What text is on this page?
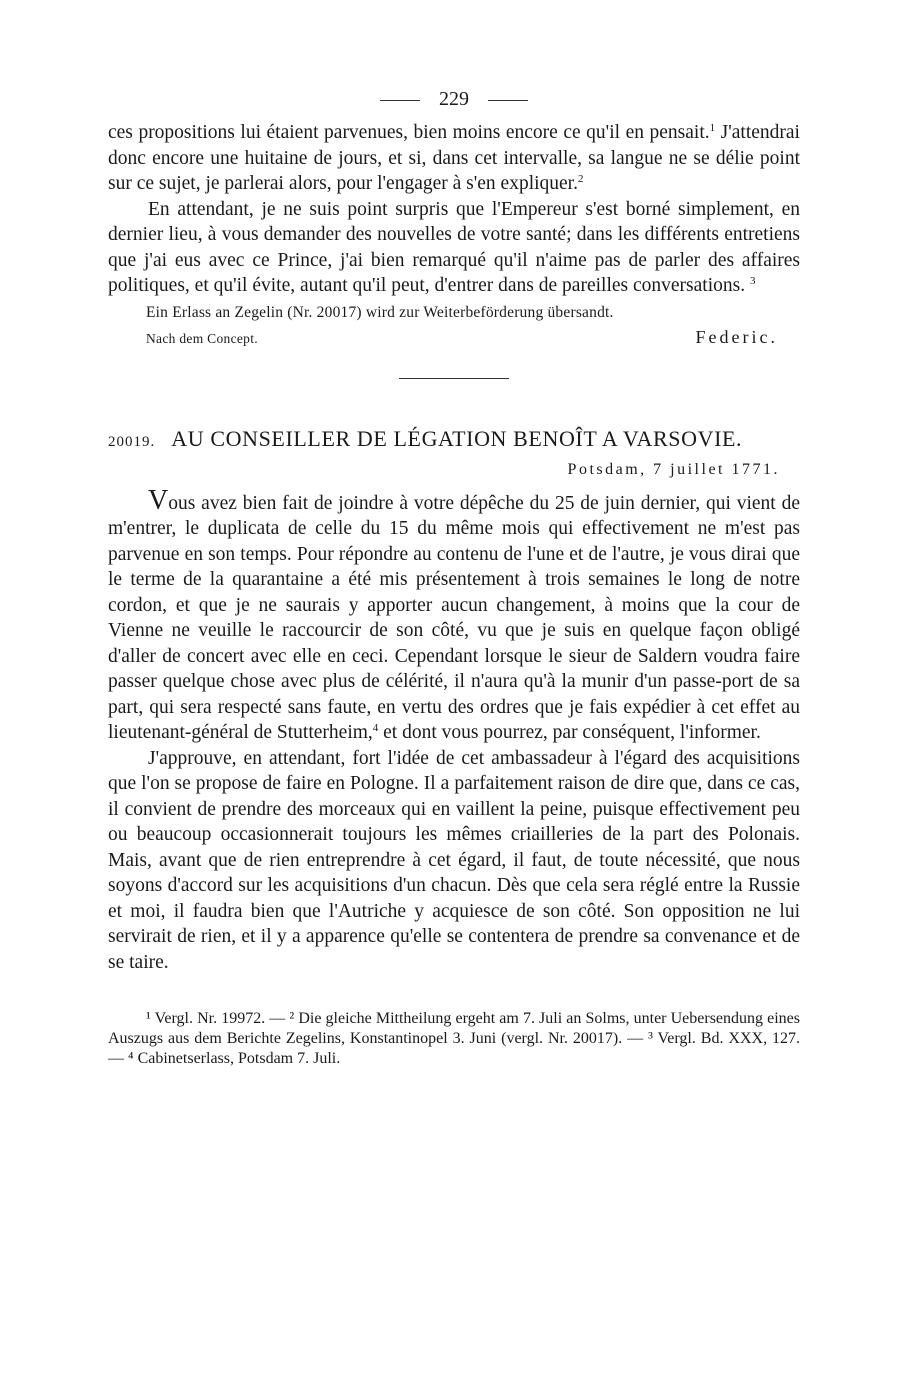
229

ces propositions lui étaient parvenues, bien moins encore ce qu'il en pensait.$^1$ J'attendrai donc encore une huitaine de jours, et si, dans cet intervalle, sa langue ne se délie point sur ce sujet, je parlerai alors, pour l'engager à s'en expliquer.$^2$

En attendant, je ne suis point surpris que l'Empereur s'est borné simplement, en dernier lieu, à vous demander des nouvelles de votre santé; dans les différents entretiens que j'ai eus avec ce Prince, j'ai bien remarqué qu'il n'aime pas de parler des affaires politiques, et qu'il évite, autant qu'il peut, d'entrer dans de pareilles conversations. $^3$

Ein Erlass an Zegelin (Nr. 20017) wird zur Weiterbeförderung übersandt.
Nach dem Concept.	Federic.
20019. AU CONSEILLER DE LÉGATION BENOÎT A VARSOVIE.
Potsdam, 7 juillet 1771.

Vous avez bien fait de joindre à votre dépêche du 25 de juin dernier, qui vient de m'entrer, le duplicata de celle du 15 du même mois qui effectivement ne m'est pas parvenue en son temps. Pour répondre au contenu de l'une et de l'autre, je vous dirai que le terme de la quarantaine a été mis présentement à trois semaines le long de notre cordon, et que je ne saurais y apporter aucun changement, à moins que la cour de Vienne ne veuille le raccourcir de son côté, vu que je suis en quelque façon obligé d'aller de concert avec elle en ceci. Cependant lorsque le sieur de Saldern voudra faire passer quelque chose avec plus de célérité, il n'aura qu'à la munir d'un passe-port de sa part, qui sera respecté sans faute, en vertu des ordres que je fais expédier à cet effet au lieutenant-général de Stutterheim,$^4$ et dont vous pourrez, par conséquent, l'informer.

J'approuve, en attendant, fort l'idée de cet ambassadeur à l'égard des acquisitions que l'on se propose de faire en Pologne. Il a parfaitement raison de dire que, dans ce cas, il convient de prendre des morceaux qui en vaillent la peine, puisque effectivement peu ou beaucoup occasionnerait toujours les mêmes criailleries de la part des Polonais. Mais, avant que de rien entreprendre à cet égard, il faut, de toute nécessité, que nous soyons d'accord sur les acquisitions d'un chacun. Dès que cela sera réglé entre la Russie et moi, il faudra bien que l'Autriche y acquiesce de son côté. Son opposition ne lui servirait de rien, et il y a apparence qu'elle se contentera de prendre sa convenance et de se taire.

¹ Vergl. Nr. 19972. — ² Die gleiche Mittheilung ergeht am 7. Juli an Solms, unter Uebersendung eines Auszugs aus dem Berichte Zegelins, Konstantinopel 3. Juni (vergl. Nr. 20017). — ³ Vergl. Bd. XXX, 127. — ⁴ Cabinetserlass, Potsdam 7. Juli.
